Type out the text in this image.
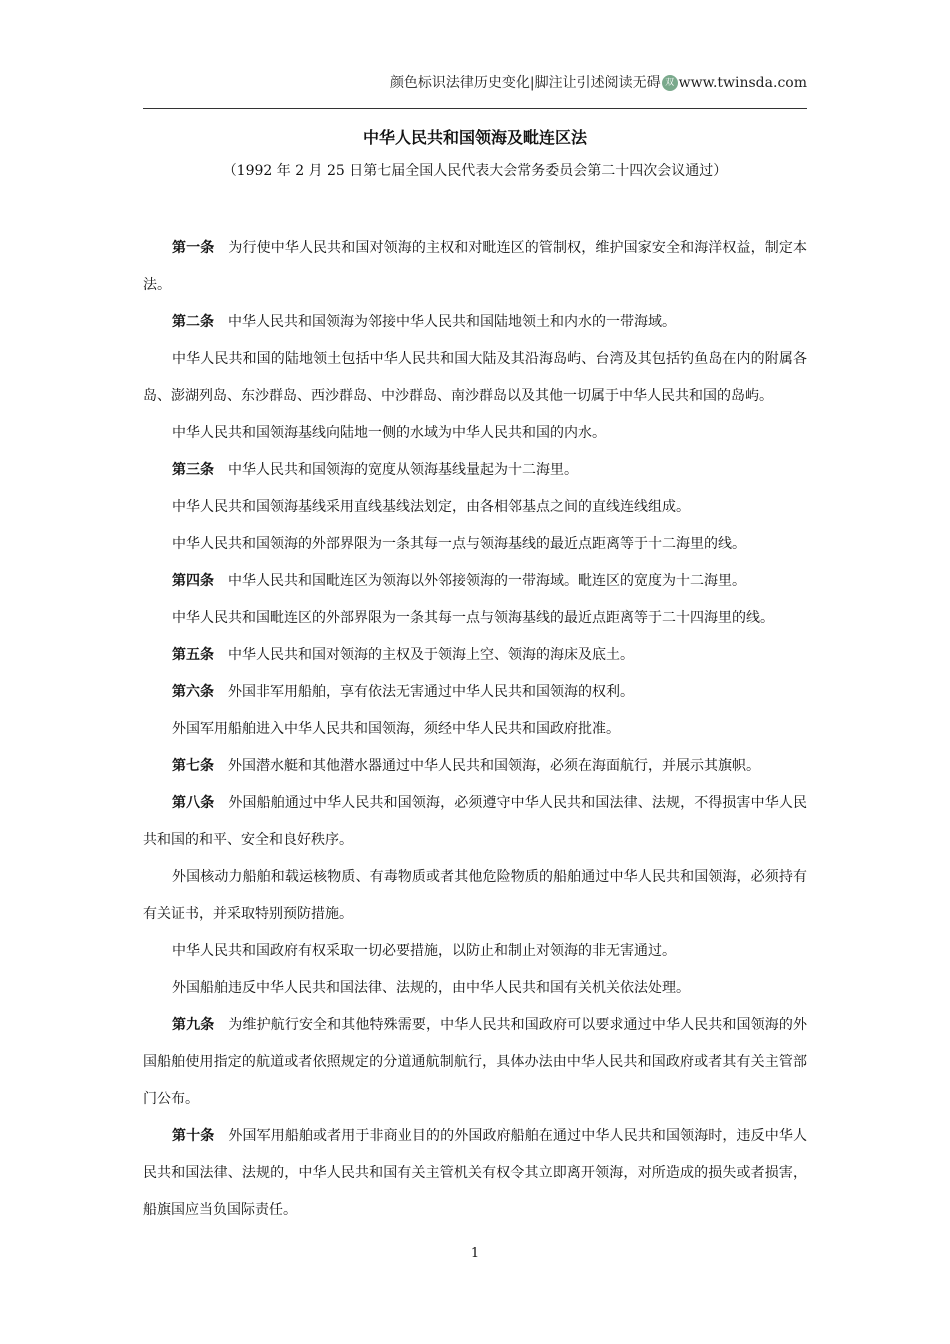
颜色标识法律历史变化|脚注让引述阅读无碍 双 www.twinsda.com
中华人民共和国领海及毗连区法
（1992 年 2 月 25 日第七届全国人民代表大会常务委员会第二十四次会议通过）

第一条 为行使中华人民共和国对领海的主权和对毗连区的管制权，维护国家安全和海洋权益，制定本法。

第二条 中华人民共和国领海为邻接中华人民共和国陆地领土和内水的一带海域。

中华人民共和国的陆地领土包括中华人民共和国大陆及其沿海岛屿、台湾及其包括钓鱼岛在内的附属各岛、澎湖列岛、东沙群岛、西沙群岛、中沙群岛、南沙群岛以及其他一切属于中华人民共和国的岛屿。

中华人民共和国领海基线向陆地一侧的水域为中华人民共和国的内水。

第三条 中华人民共和国领海的宽度从领海基线量起为十二海里。

中华人民共和国领海基线采用直线基线法划定，由各相邻基点之间的直线连线组成。

中华人民共和国领海的外部界限为一条其每一点与领海基线的最近点距离等于十二海里的线。

第四条 中华人民共和国毗连区为领海以外邻接领海的一带海域。毗连区的宽度为十二海里。

中华人民共和国毗连区的外部界限为一条其每一点与领海基线的最近点距离等于二十四海里的线。

第五条 中华人民共和国对领海的主权及于领海上空、领海的海床及底土。

第六条 外国非军用船舶，享有依法无害通过中华人民共和国领海的权利。

外国军用船舶进入中华人民共和国领海，须经中华人民共和国政府批准。

第七条 外国潜水艇和其他潜水器通过中华人民共和国领海，必须在海面航行，并展示其旗帜。

第八条 外国船舶通过中华人民共和国领海，必须遵守中华人民共和国法律、法规，不得损害中华人民共和国的和平、安全和良好秩序。

外国核动力船舶和载运核物质、有毒物质或者其他危险物质的船舶通过中华人民共和国领海，必须持有有关证书，并采取特别预防措施。

中华人民共和国政府有权采取一切必要措施，以防止和制止对领海的非无害通过。

外国船舶违反中华人民共和国法律、法规的，由中华人民共和国有关机关依法处理。

第九条 为维护航行安全和其他特殊需要，中华人民共和国政府可以要求通过中华人民共和国领海的外国船舶使用指定的航道或者依照规定的分道通航制航行，具体办法由中华人民共和国政府或者其有关主管部门公布。

第十条 外国军用船舶或者用于非商业目的的外国政府船舶在通过中华人民共和国领海时，违反中华人民共和国法律、法规的，中华人民共和国有关主管机关有权令其立即离开领海，对所造成的损失或者损害，船旗国应当负国际责任。

1
